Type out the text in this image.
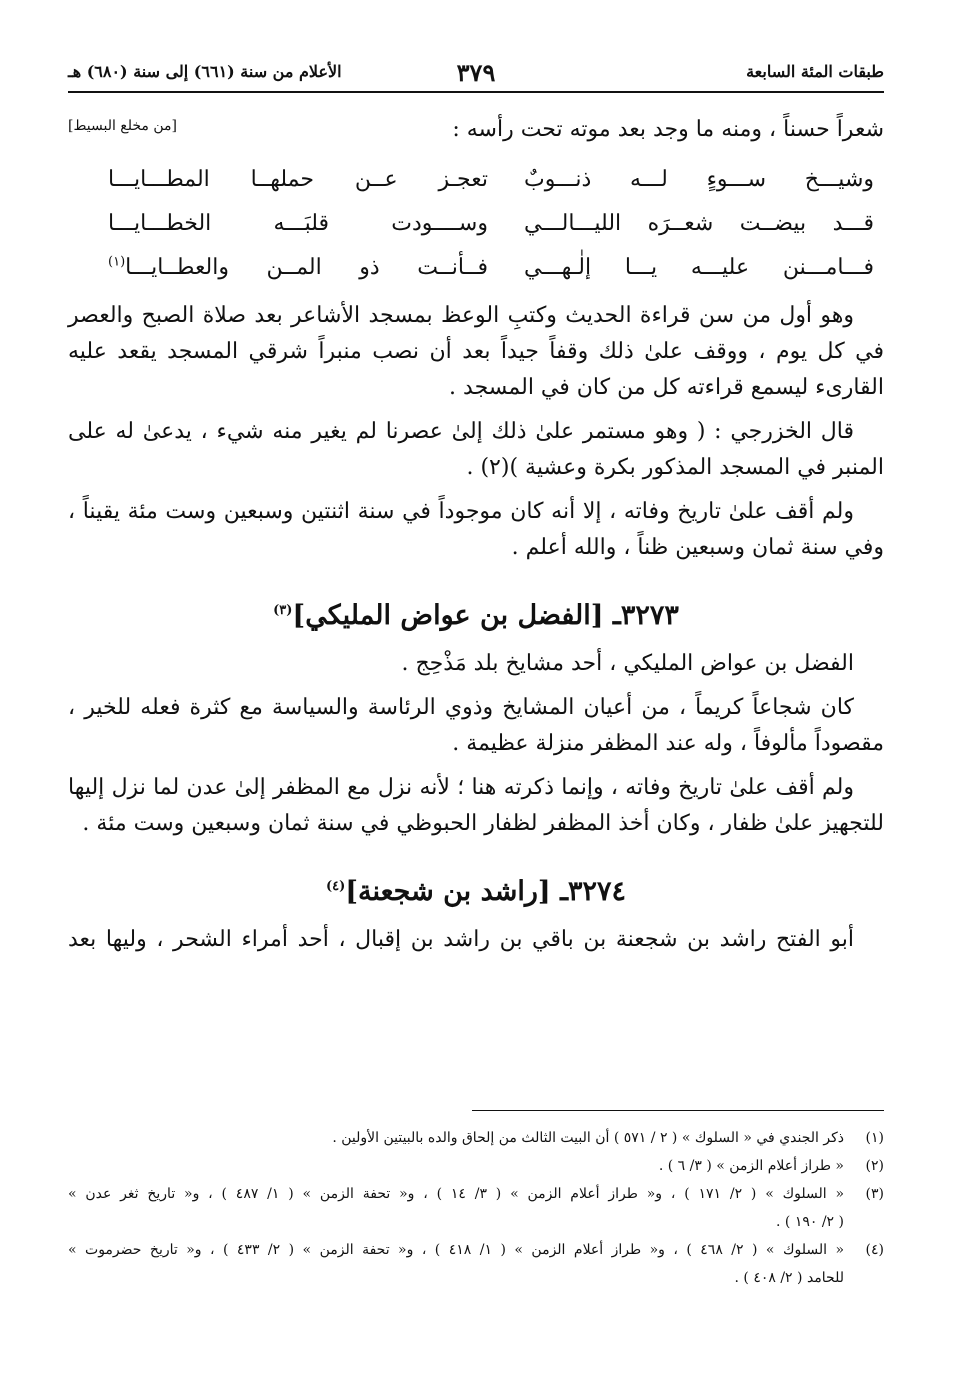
طبقات المئة السابعة
٣٧٩
الأعلام من سنة (٦٦١) إلى سنة (٦٨٠) هـ
شعراً حسناً ، ومنه ما وجد بعد موته تحت رأسه :
[من مخلع البسيط]
وشيـــخ ســـوءٍ لـــه ذنـــوبٌ
تعجـز عــن حملهــا المطـــايـــا
قـــد بيضــت شعــرَه الليـــالـــي
وســــودت قلبَـــه الخطـــايـــا
فـــامـــنن عليـــه يـــا إلٰـهـــي
فــأنــت ذو المــن والعطــايـــا$^{(١)}$
وهو أول من سن قراءة الحديث وكتبِ الوعظ بمسجد الأشاعر بعد صلاة الصبح والعصر
في كل يوم ، ووقف علىٰ ذلك وقفاً جيداً بعد أن نصب منبراً شرقي المسجد يقعد عليه
القارىء ليسمع قراءته كل من كان في المسجد .
قال الخزرجي : ( وهو مستمر علىٰ ذلك إلىٰ عصرنا لم يغير منه شيء ، يدعىٰ له على
المنبر في المسجد المذكور بكرة وعشية )(٢) .
ولم أقف علىٰ تاريخ وفاته ، إلا أنه كان موجوداً في سنة اثنتين وسبعين وست مئة يقيناً ،
وفي سنة ثمان وسبعين ظناً ، والله أعلم .
٣٢٧٣ـ [الفضل بن عواض المليكي]$^{(٣)}$
الفضل بن عواض المليكي ، أحد مشايخ بلد مَذْحِج .
كان شجاعاً كريماً ، من أعيان المشايخ وذوي الرئاسة والسياسة مع كثرة فعله للخير ،
مقصوداً مألوفاً ، وله عند المظفر منزلة عظيمة .
ولم أقف علىٰ تاريخ وفاته ، وإنما ذكرته هنا ؛ لأنه نزل مع المظفر إلىٰ عدن لما نزل إليها
للتجهيز علىٰ ظفار ، وكان أخذ المظفر لظفار الحبوظي في سنة ثمان وسبعين وست مئة .
٣٢٧٤ـ [راشد بن شجعنة]$^{(٤)}$
أبو الفتح راشد بن شجعنة بن باقي بن راشد بن إقبال ، أحد أمراء الشحر ، وليها بعد
(١)
ذكر الجندي في « السلوك » ( ٢ / ٥٧١ ) أن البيت الثالث من إلحاق والده بالبيتين الأولين .
(٢)
« طراز أعلام الزمن » ( ٣/ ٦ ) .
(٣)
« السلوك » ( ٢/ ١٧١ ) ، و« طراز أعلام الزمن » ( ٣/ ١٤ ) ، و« تحفة الزمن » ( ١/ ٤٨٧ ) ، و« تاريخ ثغر عدن »
( ٢/ ١٩٠ ) .
(٤)
« السلوك » ( ٢/ ٤٦٨ ) ، و« طراز أعلام الزمن » ( ١/ ٤١٨ ) ، و« تحفة الزمن » ( ٢/ ٤٣٣ ) ، و« تاريخ حضرموت »
للحامد ( ٢/ ٤٠٨ ) .
